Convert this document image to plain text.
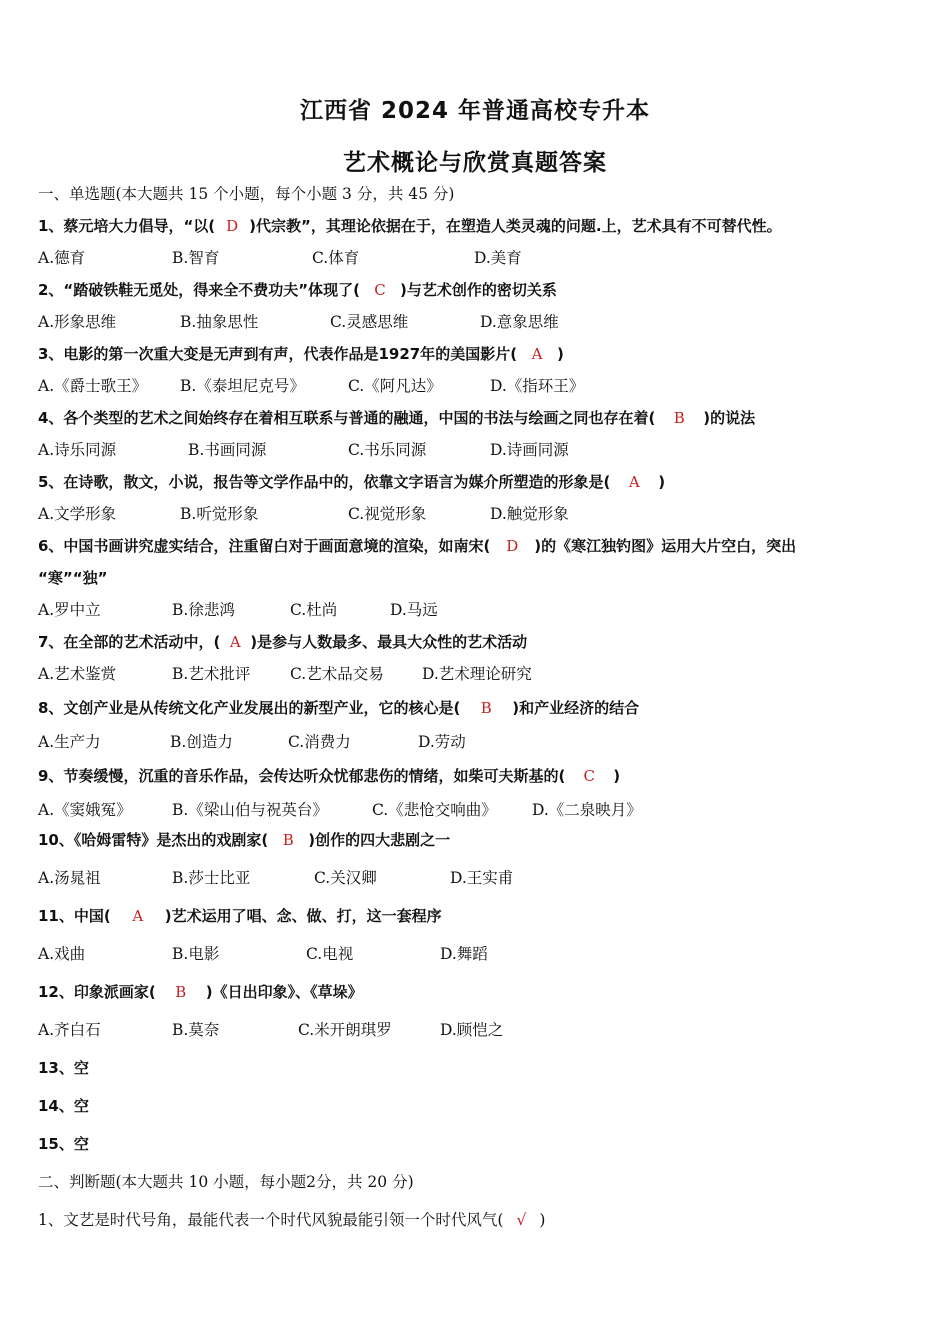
江西省 2024 年普通高校专升本
艺术概论与欣赏真题答案
一、单选题(本大题共 15 个小题，每个小题 3 分，共 45 分)
1、蔡元培大力倡导，“以( D )代宗教”，其理论依据在于，在塑造人类灵魂的问题.上，艺术具有不可替代性。
A.德育	B.智育	C.体育	D.美育
2、“踏破铁鞋无觅处，得来全不费功夫”体现了( C )与艺术创作的密切关系
A.形象思维	B.抽象思性	C.灵感思维	D.意象思维
3、电影的第一次重大变是无声到有声，代表作品是1927年的美国影片( A )
A.《爵士歌王》 B.《泰坦尼克号》	C.《阿凡达》	D.《指环王》
4、各个类型的艺术之间始终存在着相互联系与普通的融通，中国的书法与绘画之同也存在着( B )的说法
A.诗乐同源	B.书画同源	C.书乐同源	D.诗画同源
5、在诗歌，散文，小说，报告等文学作品中的，依靠文字语言为媒介所塑造的形象是( A )
A.文学形象	B.听觉形象	C.视觉形象	D.触觉形象
6、中国书画讲究虚实结合，注重留白对于画面意境的渲染，如南宋( D )的《寒江独钓图》运用大片空白，突出
“寒”“独”
A.罗中立	B.徐悲鸿	C.杜尚	D.马远
7、在全部的艺术活动中，( A )是参与人数最多、最具大众性的艺术活动
A.艺术鉴赏	B.艺术批评	C.艺术品交易 D.艺术理论研究
8、文创产业是从传统文化产业发展出的新型产业，它的核心是( B )和产业经济的结合
A.生产力	B.创造力	C.消费力	D.劳动
9、节奏缓慢，沉重的音乐作品，会传达听众忧郁悲伤的情绪，如柴可夫斯基的( C )
A.《窦娥冤》	B.《梁山伯与祝英台》	C.《悲怆交响曲》 D.《二泉映月》
10、《哈姆雷特》是杰出的戏剧家( B )创作的四大悲剧之一
A.汤晁祖	B.莎士比亚	C.关汉卿	D.王实甫
11、中国( A )艺术运用了唱、念、做、打，这一套程序
A.戏曲	B.电影	C.电视	D.舞蹈
12、印象派画家( B )《日出印象》、《草垛》
A.齐白石	B.莫奈	C.米开朗琪罗	D.顾恺之
13、空
14、空
15、空
二、判断题(本大题共 10 小题，每小题2分，共 20 分)
1、文艺是时代号角，最能代表一个时代风貌最能引领一个时代风气( √ )
